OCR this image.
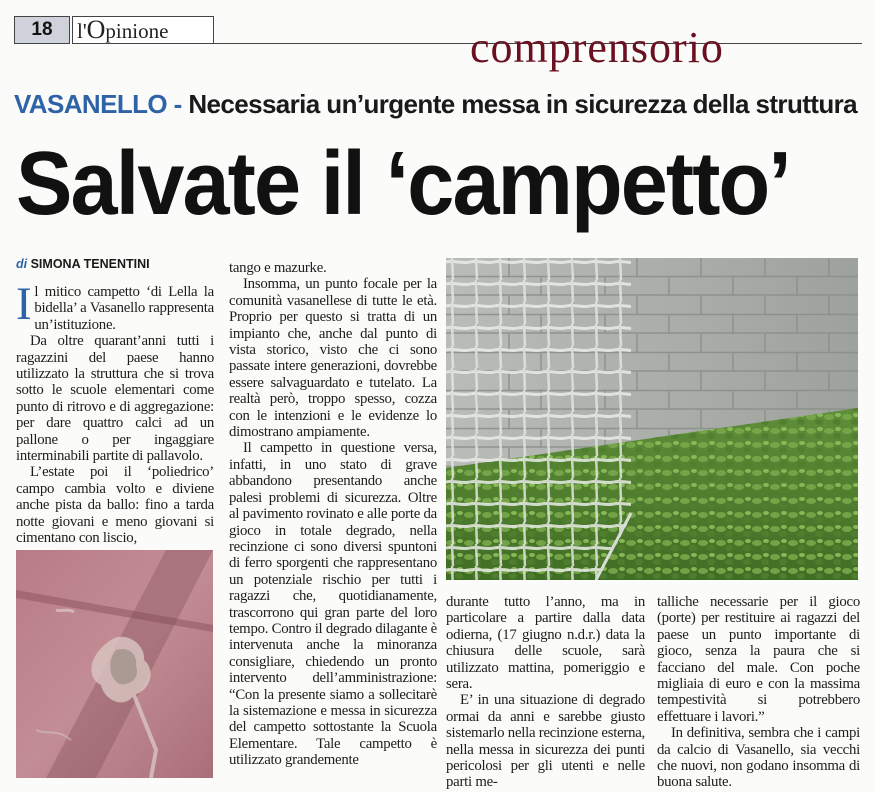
18	l'Opinione	comprensorio
VASANELLO - Necessaria un’urgente messa in sicurezza della struttura
Salvate il ‘campetto’
di SIMONA TENENTINI

Il mitico campetto ‘di Lella la bidella’ a Vasanello rappresenta un’istituzione.

Da oltre quarant’anni tutti i ragazzini del paese hanno utilizzato la struttura che si trova sotto le scuole elementari come punto di ritrovo e di aggregazione: per dare quattro calci ad un pallone o per ingaggiare interminabili partite di pallavolo.

L’estate poi il ‘poliedrico’ campo cambia volto e diviene anche pista da ballo: fino a tarda notte giovani e meno giovani si cimentano con liscio,

tango e mazurke.

Insomma, un punto focale per la comunità vasanellese di tutte le età. Proprio per questo si tratta di un impianto che, anche dal punto di vista storico, visto che ci sono passate intere generazioni, dovrebbe essere salvaguardato e tutelato. La realtà però, troppo spesso, cozza con le intenzioni e le evidenze lo dimostrano ampiamente.

Il campetto in questione versa, infatti, in uno stato di grave abbandono presentando anche palesi problemi di sicurezza. Oltre al pavimento rovinato e alle porte da gioco in totale degrado, nella recinzione ci sono diversi spuntoni di ferro sporgenti che rappresentano un potenziale rischio per tutti i ragazzi che, quotidianamente, trascorrono qui gran parte del loro tempo. Contro il degrado dilagante è intervenuta anche la minoranza consigliare, chiedendo un pronto intervento dell’amministrazione: “Con la presente siamo a sollecitarè la sistemazione e messa in sicurezza del campetto sottostante la Scuola Elementare. Tale campetto è utilizzato grandemente

durante tutto l’anno, ma in particolare a partire dalla data odierna, (17 giugno n.d.r.) data la chiusura delle scuole, sarà utilizzato mattina, pomeriggio e sera.

E’ in una situazione di degrado ormai da anni e sarebbe giusto sistemarlo nella recinzione esterna, nella messa in sicurezza dei punti pericolosi per gli utenti e nelle parti me-

talliche necessarie per il gioco (porte) per restituire ai ragazzi del paese un punto importante di gioco, senza la paura che si facciano del male. Con poche migliaia di euro e con la massima tempestività si potrebbero effettuare i lavori.”

In definitiva, sembra che i campi da calcio di Vasanello, sia vecchi che nuovi, non godano insomma di buona salute.
